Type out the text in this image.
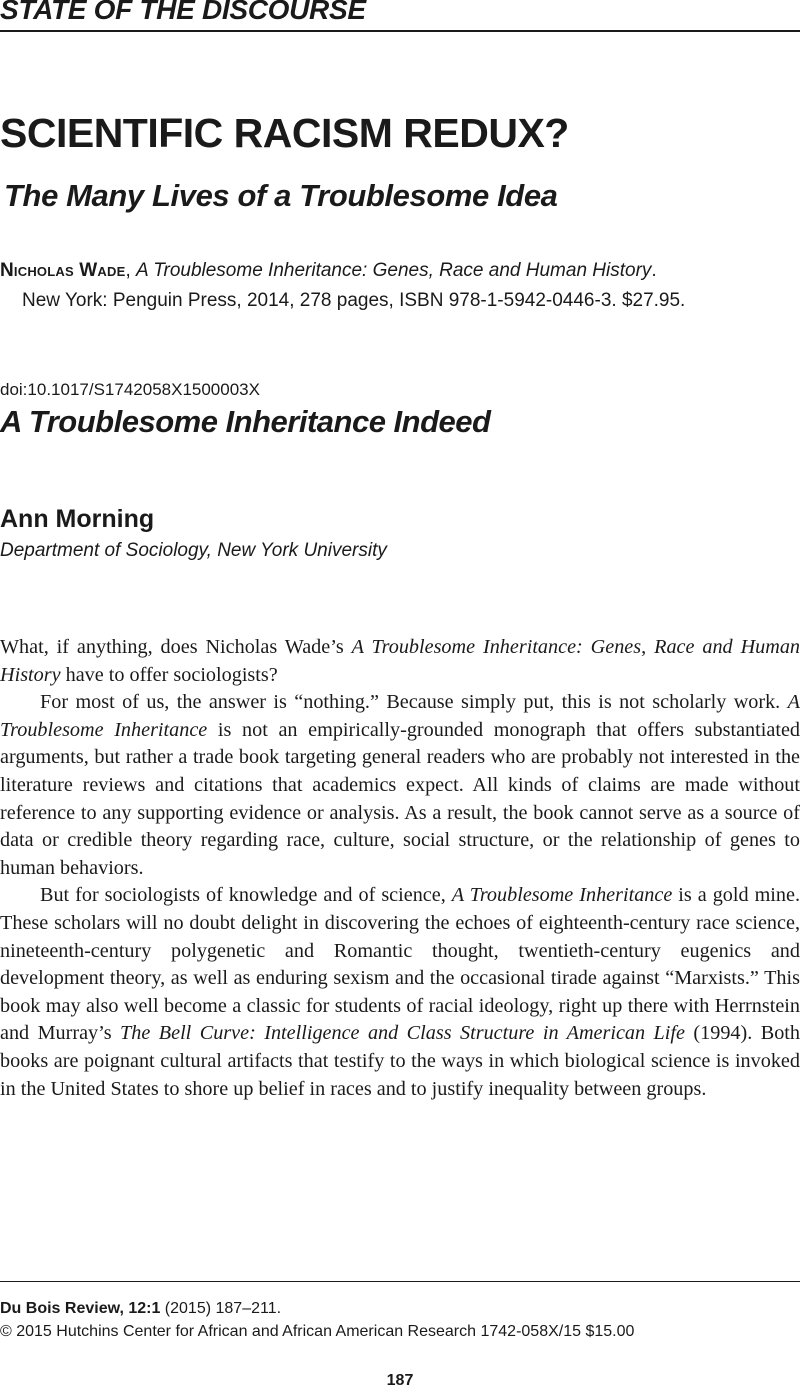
STATE OF THE DISCOURSE
SCIENTIFIC RACISM REDUX?
The Many Lives of a Troublesome Idea
Nicholas Wade, A Troublesome Inheritance: Genes, Race and Human History.
New York: Penguin Press, 2014, 278 pages, ISBN 978-1-5942-0446-3. $27.95.
doi:10.1017/S1742058X1500003X
A Troublesome Inheritance Indeed
Ann Morning
Department of Sociology, New York University

What, if anything, does Nicholas Wade’s A Troublesome Inheritance: Genes, Race and Human History have to offer sociologists?

For most of us, the answer is “nothing.” Because simply put, this is not scholarly work. A Troublesome Inheritance is not an empirically-grounded monograph that offers substantiated arguments, but rather a trade book targeting general readers who are probably not interested in the literature reviews and citations that academics expect. All kinds of claims are made without reference to any supporting evidence or analysis. As a result, the book cannot serve as a source of data or credible theory regarding race, culture, social structure, or the relationship of genes to human behaviors.

But for sociologists of knowledge and of science, A Troublesome Inheritance is a gold mine. These scholars will no doubt delight in discovering the echoes of eighteenth-century race science, nineteenth-century polygenetic and Romantic thought, twentieth-century eugenics and development theory, as well as enduring sexism and the occasional tirade against “Marxists.” This book may also well become a classic for students of racial ideology, right up there with Herrnstein and Murray’s The Bell Curve: Intelligence and Class Structure in American Life (1994). Both books are poignant cultural artifacts that testify to the ways in which biological science is invoked in the United States to shore up belief in races and to justify inequality between groups.

Du Bois Review, 12:1 (2015) 187–211.
© 2015 Hutchins Center for African and African American Research 1742-058X/15 $15.00
187
